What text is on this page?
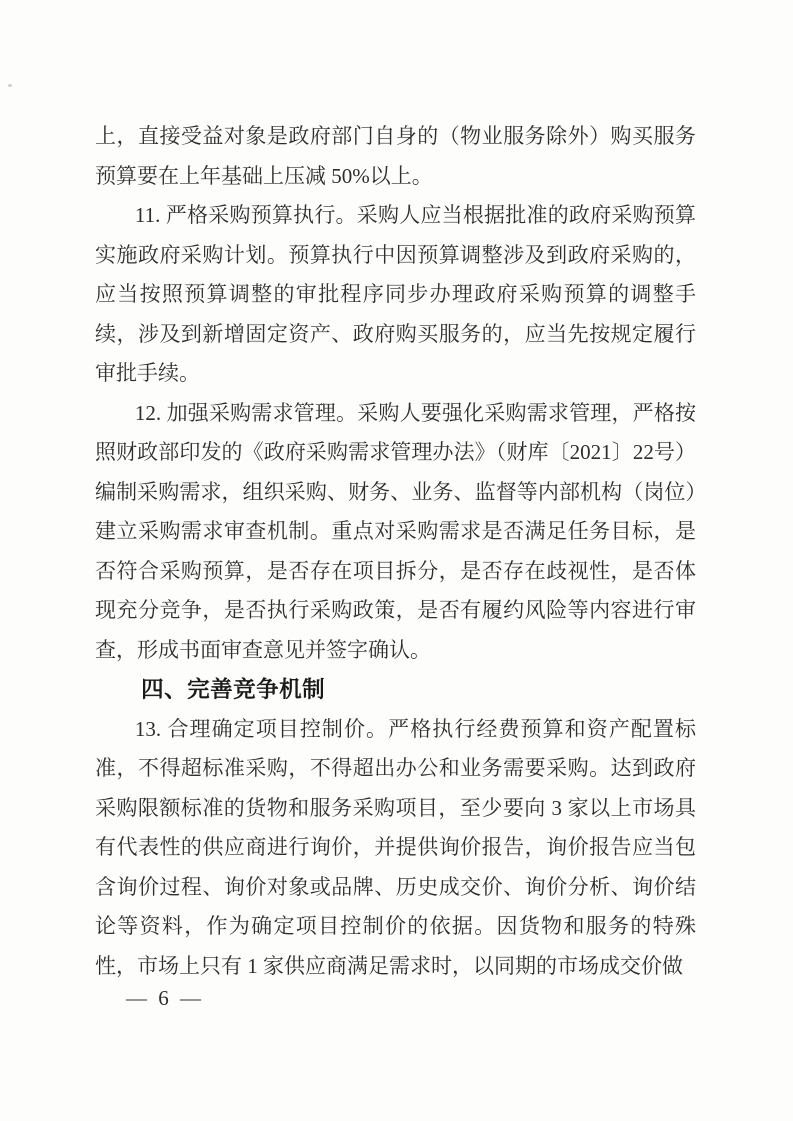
上，直接受益对象是政府部门自身的（物业服务除外）购买服务预算要在上年基础上压减 50%以上。

11. 严格采购预算执行。采购人应当根据批准的政府采购预算实施政府采购计划。预算执行中因预算调整涉及到政府采购的，应当按照预算调整的审批程序同步办理政府采购预算的调整手续，涉及到新增固定资产、政府购买服务的，应当先按规定履行审批手续。

12. 加强采购需求管理。采购人要强化采购需求管理，严格按照财政部印发的《政府采购需求管理办法》（财库〔2021〕22号）编制采购需求，组织采购、财务、业务、监督等内部机构（岗位）建立采购需求审查机制。重点对采购需求是否满足任务目标，是否符合采购预算，是否存在项目拆分，是否存在歧视性，是否体现充分竞争，是否执行采购政策，是否有履约风险等内容进行审查，形成书面审查意见并签字确认。

四、完善竞争机制

13. 合理确定项目控制价。严格执行经费预算和资产配置标准，不得超标准采购，不得超出办公和业务需要采购。达到政府采购限额标准的货物和服务采购项目，至少要向 3 家以上市场具有代表性的供应商进行询价，并提供询价报告，询价报告应当包含询价过程、询价对象或品牌、历史成交价、询价分析、询价结论等资料，作为确定项目控制价的依据。因货物和服务的特殊性，市场上只有 1 家供应商满足需求时，以同期的市场成交价做

— 6 —
